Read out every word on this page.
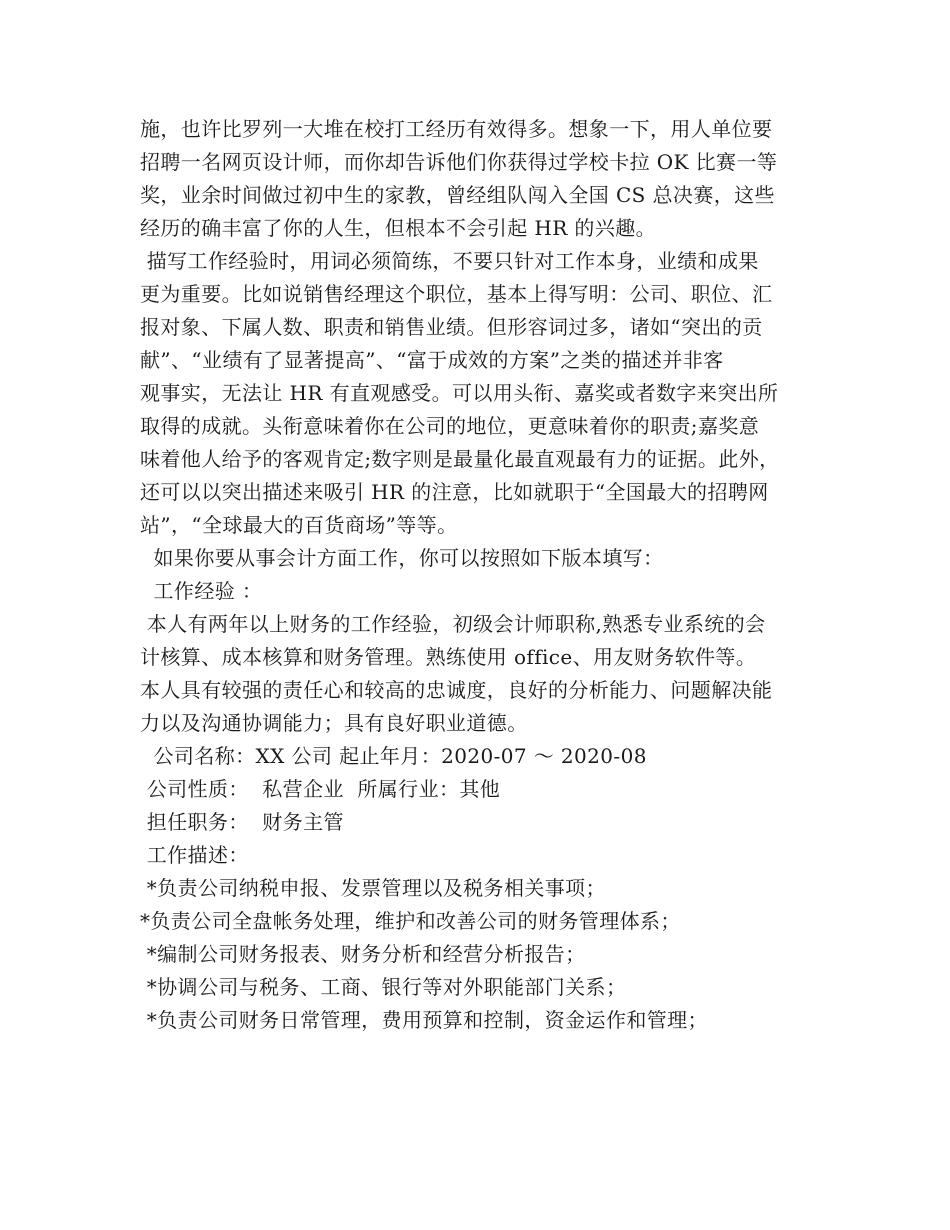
施，也许比罗列一大堆在校打工经历有效得多。想象一下，用人单位要
招聘一名网页设计师，而你却告诉他们你获得过学校卡拉 OK 比赛一等
奖，业余时间做过初中生的家教，曾经组队闯入全国 CS 总决赛，这些
经历的确丰富了你的人生，但根本不会引起 HR 的兴趣。
描写工作经验时，用词必须简练，不要只针对工作本身，业绩和成果
更为重要。比如说销售经理这个职位，基本上得写明：公司、职位、汇
报对象、下属人数、职责和销售业绩。但形容词过多，诸如“突出的贡
献”、“业绩有了显著提高”、“富于成效的方案”之类的描述并非客
观事实，无法让 HR 有直观感受。可以用头衔、嘉奖或者数字来突出所
取得的成就。头衔意味着你在公司的地位，更意味着你的职责;嘉奖意
味着他人给予的客观肯定;数字则是最量化最直观最有力的证据。此外，
还可以以突出描述来吸引 HR 的注意，比如就职于“全国最大的招聘网
站”，“全球最大的百货商场”等等。
如果你要从事会计方面工作，你可以按照如下版本填写：
工作经验 ：
本人有两年以上财务的工作经验，初级会计师职称,熟悉专业系统的会
计核算、成本核算和财务管理。熟练使用 office、用友财务软件等。
本人具有较强的责任心和较高的忠诚度，良好的分析能力、问题解决能
力以及沟通协调能力；具有良好职业道德。
公司名称：XX 公司 起止年月：2020-07 ～ 2020-08
公司性质：  私营企业  所属行业：其他
担任职务：  财务主管
工作描述：
*负责公司纳税申报、发票管理以及税务相关事项；
*负责公司全盘帐务处理，维护和改善公司的财务管理体系；
*编制公司财务报表、财务分析和经营分析报告；
*协调公司与税务、工商、银行等对外职能部门关系；
*负责公司财务日常管理，费用预算和控制，资金运作和管理；
